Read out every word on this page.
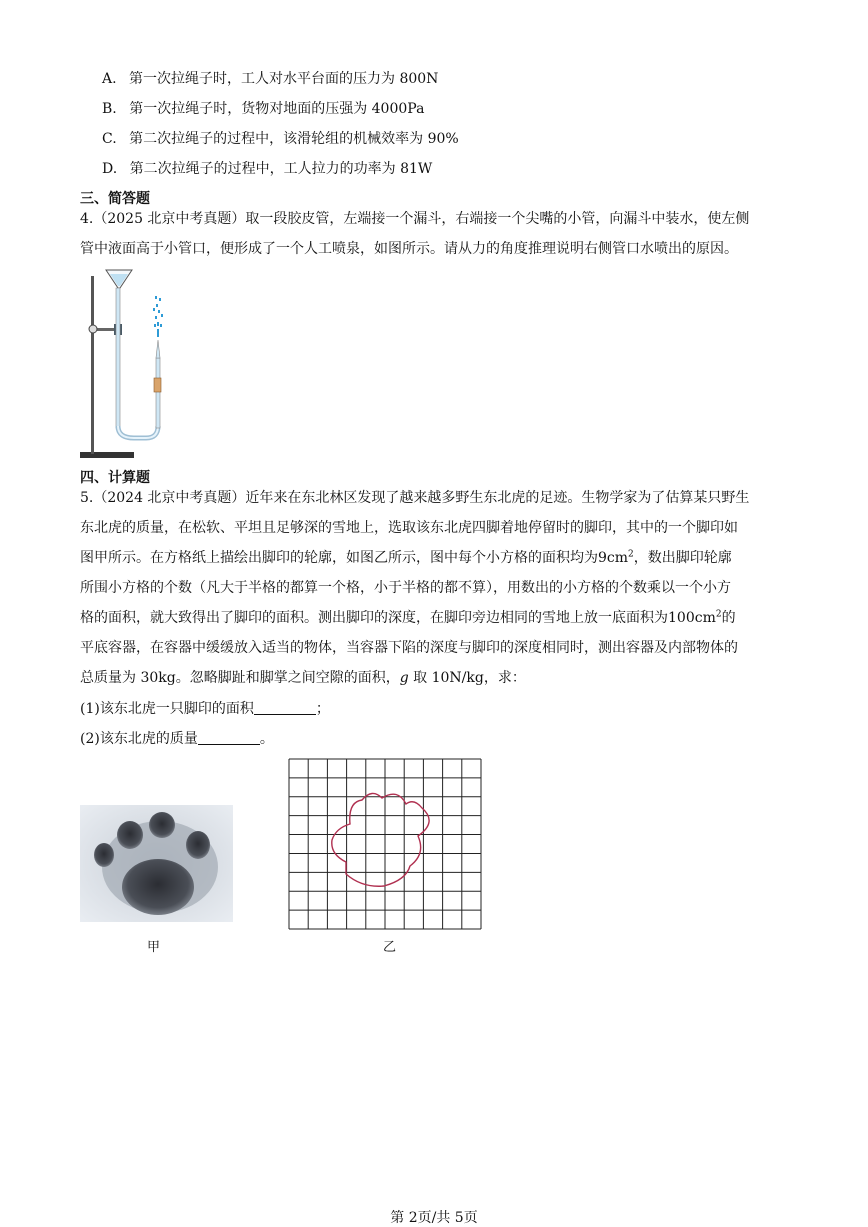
A. 第一次拉绳子时，工人对水平台面的压力为 800N
B. 第一次拉绳子时，货物对地面的压强为 4000Pa
C. 第二次拉绳子的过程中，该滑轮组的机械效率为 90%
D. 第二次拉绳子的过程中，工人拉力的功率为 81W
三、简答题
4.（2025 北京中考真题）取一段胶皮管，左端接一个漏斗，右端接一个尖嘴的小管，向漏斗中装水，使左侧
管中液面高于小管口，便形成了一个人工喷泉，如图所示。请从力的角度推理说明右侧管口水喷出的原因。
四、计算题
5.（2024 北京中考真题）近年来在东北林区发现了越来越多野生东北虎的足迹。生物学家为了估算某只野生
东北虎的质量，在松软、平坦且足够深的雪地上，选取该东北虎四脚着地停留时的脚印，其中的一个脚印如
图甲所示。在方格纸上描绘出脚印的轮廓，如图乙所示，图中每个小方格的面积均为$9cm^2$，数出脚印轮廓
所围小方格的个数（凡大于半格的都算一个格，小于半格的都不算），用数出的小方格的个数乘以一个小方
格的面积，就大致得出了脚印的面积。测出脚印的深度，在脚印旁边相同的雪地上放一底面积为$100cm^2$的
平底容器，在容器中缓缓放入适当的物体，当容器下陷的深度与脚印的深度相同时，测出容器及内部物体的
总质量为 30kg。忽略脚趾和脚掌之间空隙的面积，g 取 10N/kg，求：
(1)该东北虎一只脚印的面积	；
(2)该东北虎的质量	。
甲	乙
第 2页/共 5页
